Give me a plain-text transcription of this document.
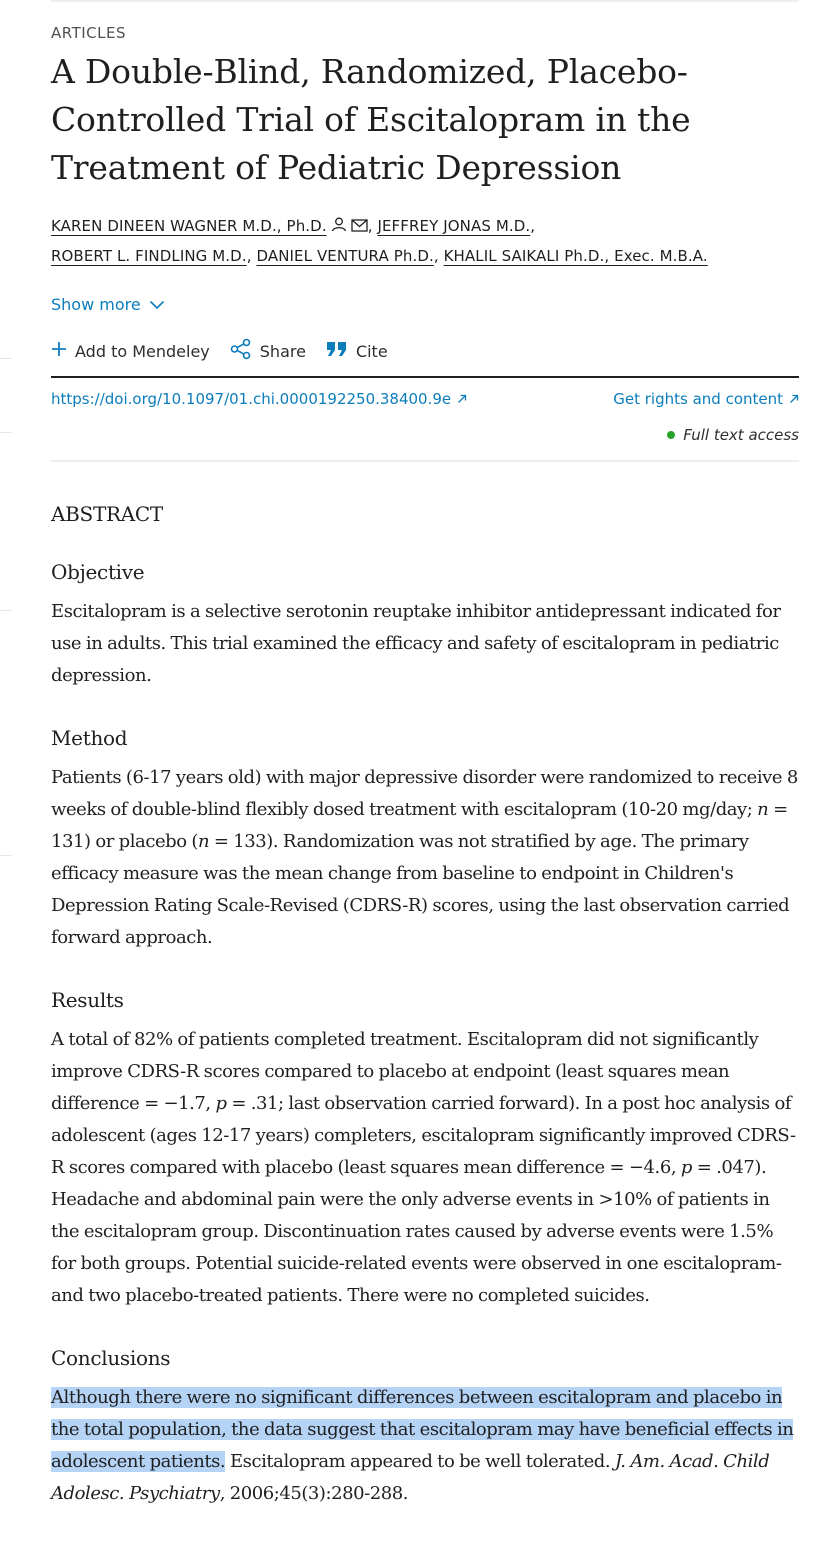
ARTICLES
A Double-Blind, Randomized, Placebo-Controlled Trial of Escitalopram in the Treatment of Pediatric Depression
KAREN DINEEN WAGNER M.D., Ph.D.	, JEFFREY JONAS M.D.,
ROBERT L. FINDLING M.D., DANIEL VENTURA Ph.D., KHALIL SAIKALI Ph.D., Exec. M.B.A.
Show more
Add to Mendeley	Share	Cite
https://doi.org/10.1097/01.chi.0000192250.38400.9e	Get rights and content
Full text access
ABSTRACT
Objective

Escitalopram is a selective serotonin reuptake inhibitor antidepressant indicated for use in adults. This trial examined the efficacy and safety of escitalopram in pediatric depression.

Method

Patients (6-17 years old) with major depressive disorder were randomized to receive 8 weeks of double-blind flexibly dosed treatment with escitalopram (10-20 mg/day; n = 131) or placebo (n = 133). Randomization was not stratified by age. The primary efficacy measure was the mean change from baseline to endpoint in Children's Depression Rating Scale-Revised (CDRS-R) scores, using the last observation carried forward approach.

Results

A total of 82% of patients completed treatment. Escitalopram did not significantly improve CDRS-R scores compared to placebo at endpoint (least squares mean difference = −1.7, p = .31; last observation carried forward). In a post hoc analysis of adolescent (ages 12-17 years) completers, escitalopram significantly improved CDRS-R scores compared with placebo (least squares mean difference = −4.6, p = .047). Headache and abdominal pain were the only adverse events in >10% of patients in the escitalopram group. Discontinuation rates caused by adverse events were 1.5% for both groups. Potential suicide-related events were observed in one escitalopram- and two placebo-treated patients. There were no completed suicides.

Conclusions

Although there were no significant differences between escitalopram and placebo in the total population, the data suggest that escitalopram may have beneficial effects in adolescent patients. Escitalopram appeared to be well tolerated. J. Am. Acad. Child Adolesc. Psychiatry, 2006;45(3):280-288.
